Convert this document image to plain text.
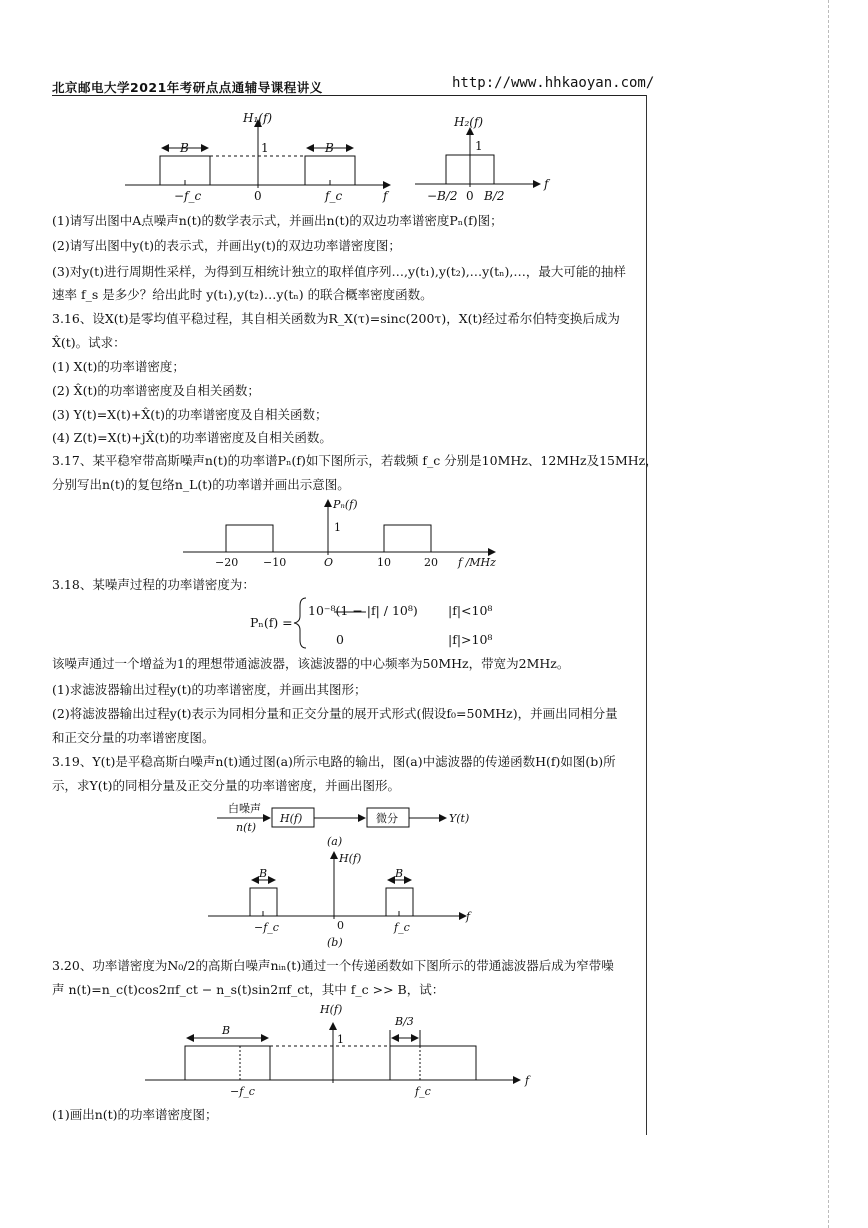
北京邮电大学2021年考研点点通辅导课程讲义	http://www.hhkaoyan.com/
H₁(f)
1
B	B
−f_c	0	f_c	f
H₂(f)
1
−B/2 0 B/2
f
Pₙ(f)
1
−20 −10	O	10	20 f /MHz
白噪声
n(t)
H(f)	微分	Y(t)
(a)
H(f)
B	B
−f_c	0	f_c
f
(b)
H(f)
B
B/3
1
−f_c	f_c
f
(1)请写出图中A点噪声n(t)的数学表示式，并画出n(t)的双边功率谱密度Pₙ(f)图；
(2)请写出图中y(t)的表示式，并画出y(t)的双边功率谱密度图；
(3)对y(t)进行周期性采样，为得到互相统计独立的取样值序列…,y(t₁),y(t₂),…y(tₙ),…，最大可能的抽样
速率 f_s 是多少？给出此时 y(t₁),y(t₂)…y(tₙ) 的联合概率密度函数。
3.16、设X(t)是零均值平稳过程，其自相关函数为R_X(τ)=sinc(200τ)，X(t)经过希尔伯特变换后成为
X̂(t)。试求：
(1) X(t)的功率谱密度；
(2) X̂(t)的功率谱密度及自相关函数；
(3) Y(t)=X(t)+X̂(t)的功率谱密度及自相关函数；
(4) Z(t)=X(t)+jX̂(t)的功率谱密度及自相关函数。
3.17、某平稳窄带高斯噪声n(t)的功率谱Pₙ(f)如下图所示，若载频 f_c 分别是10MHz、12MHz及15MHz，
分别写出n(t)的复包络n_L(t)的功率谱并画出示意图。
3.18、某噪声过程的功率谱密度为：
Pₙ(f) =
10⁻⁸(1 − |f| / 10⁸) |f|<10⁸
0	|f|>10⁸
该噪声通过一个增益为1的理想带通滤波器，该滤波器的中心频率为50MHz，带宽为2MHz。
(1)求滤波器输出过程y(t)的功率谱密度，并画出其图形；
(2)将滤波器输出过程y(t)表示为同相分量和正交分量的展开式形式(假设f₀=50MHz)，并画出同相分量
和正交分量的功率谱密度图。
3.19、Y(t)是平稳高斯白噪声n(t)通过图(a)所示电路的输出，图(a)中滤波器的传递函数H(f)如图(b)所
示，求Y(t)的同相分量及正交分量的功率谱密度，并画出图形。
3.20、功率谱密度为N₀/2的高斯白噪声nᵢₙ(t)通过一个传递函数如下图所示的带通滤波器后成为窄带噪
声 n(t)=n_c(t)cos2πf_ct − n_s(t)sin2πf_ct，其中 f_c >> B，试：
(1)画出n(t)的功率谱密度图；
